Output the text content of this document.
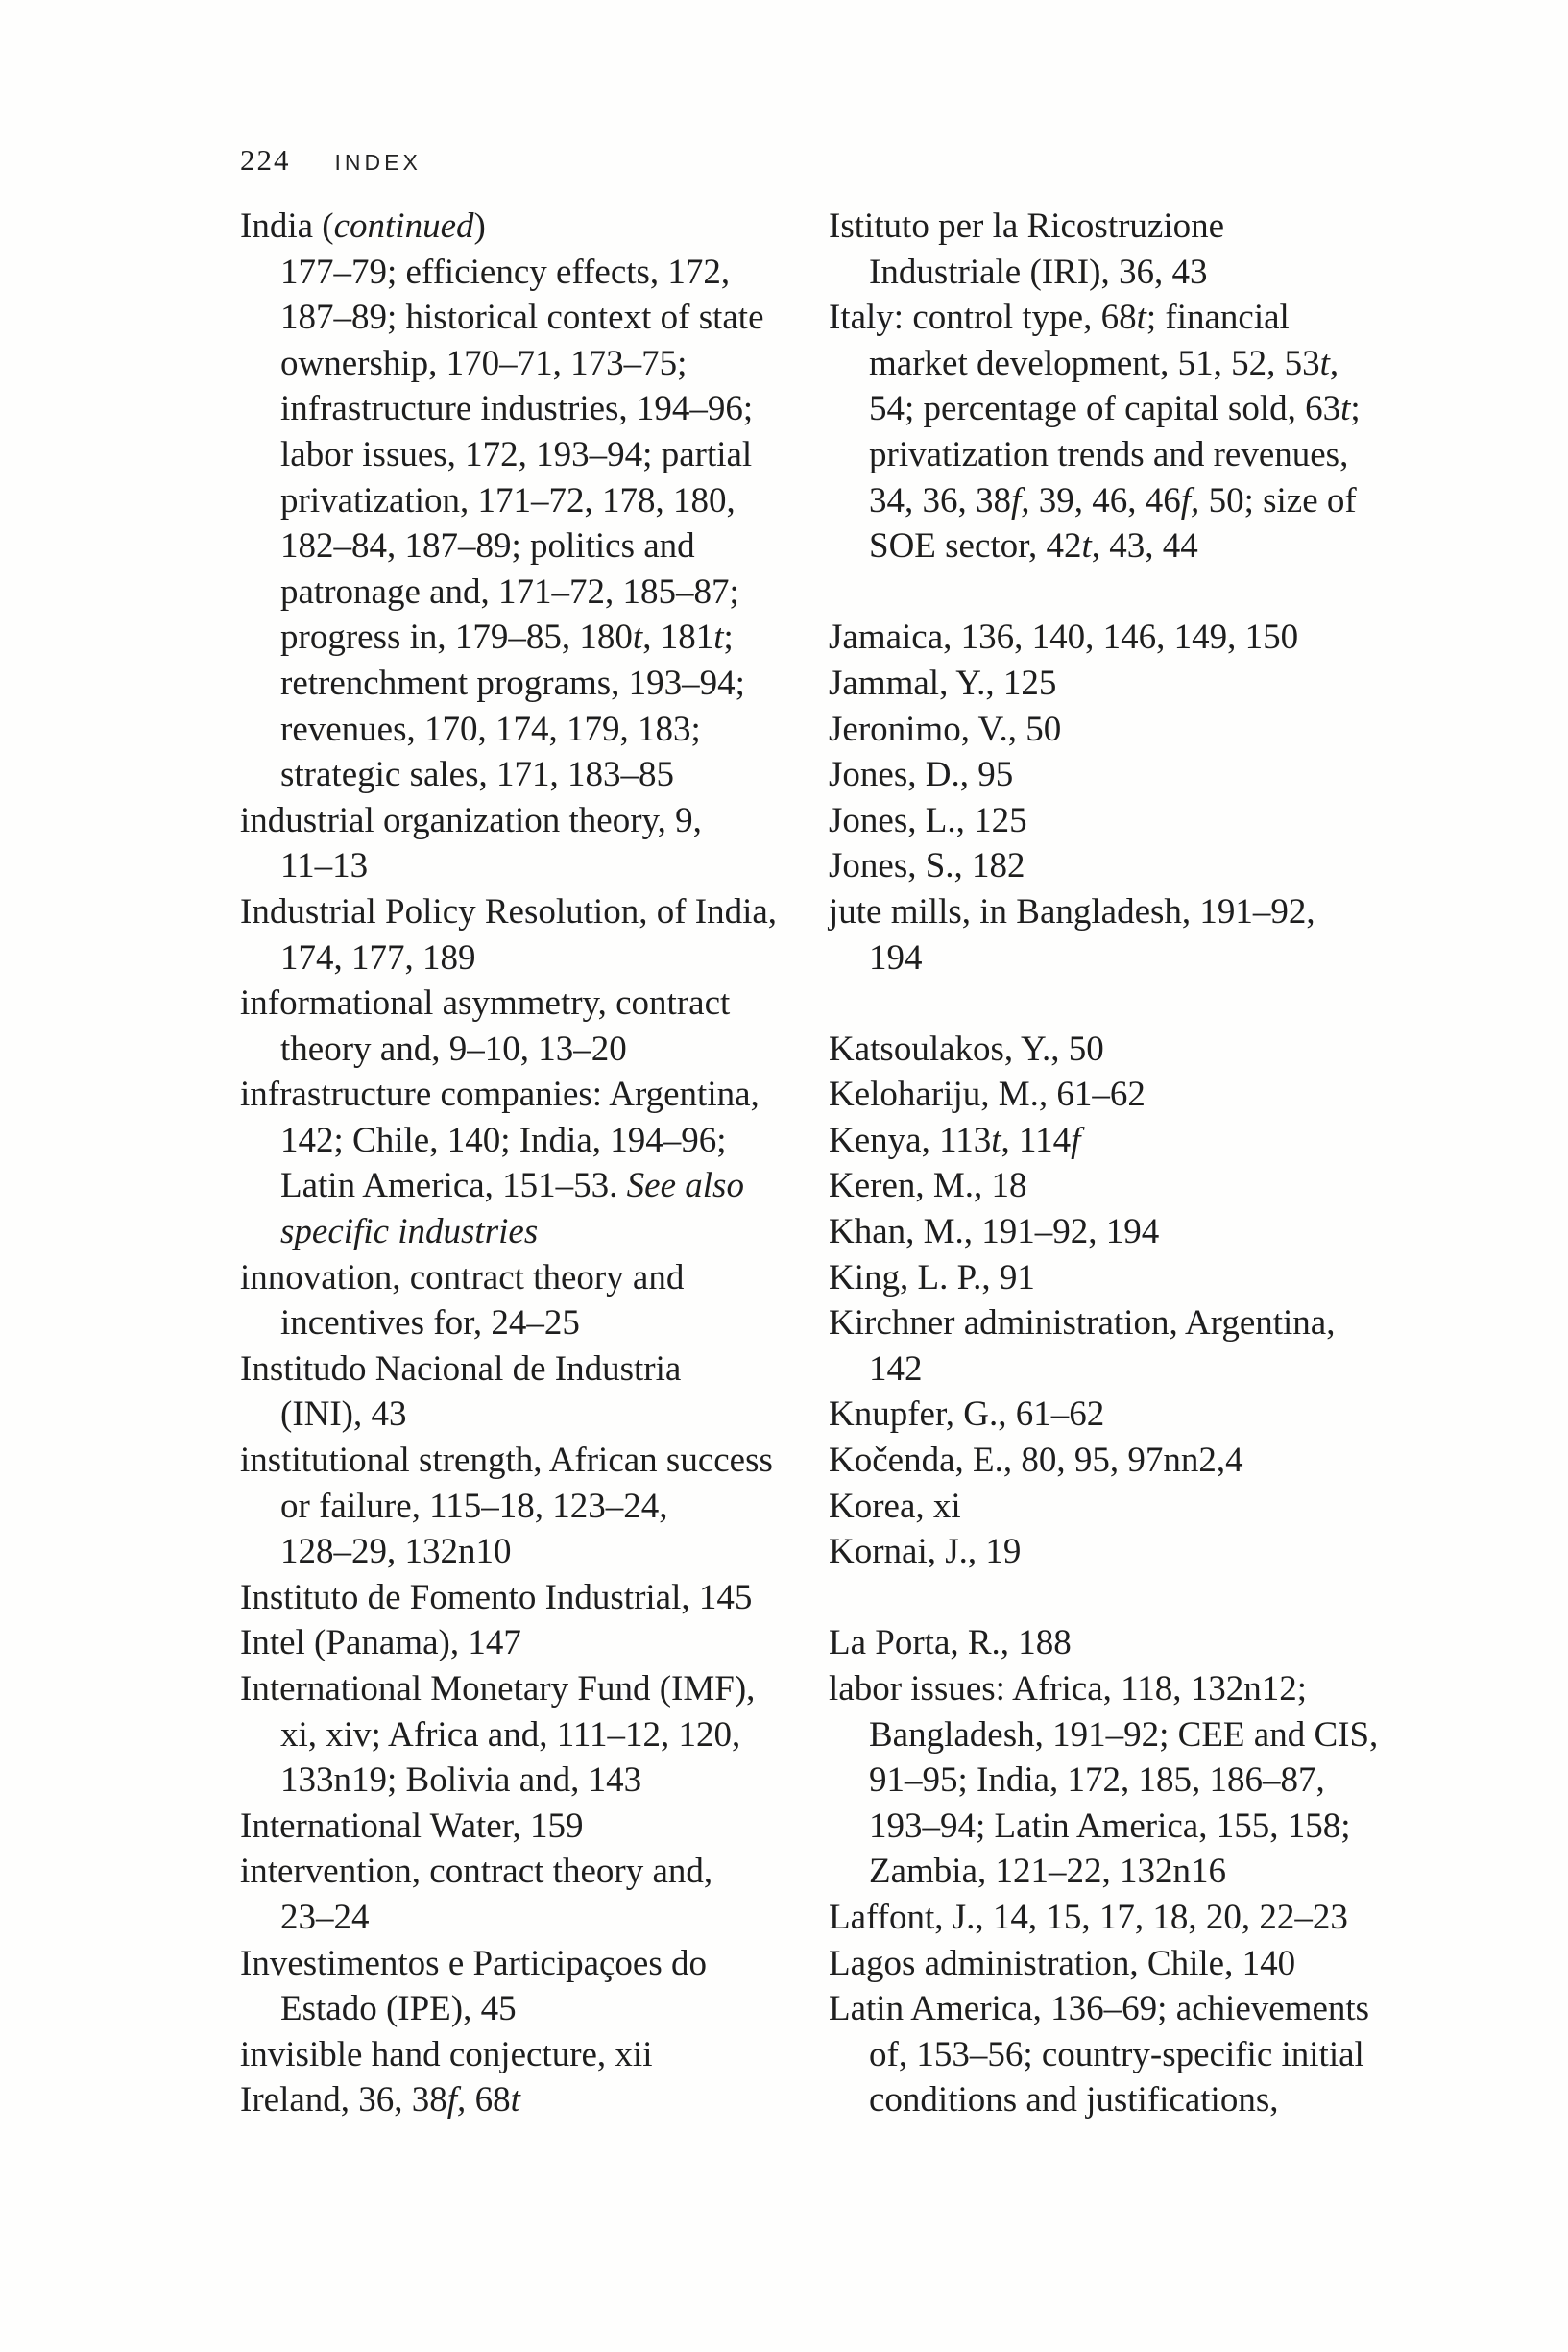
224 INDEX
India (continued)
177–79; efficiency effects, 172,
187–89; historical context of state
ownership, 170–71, 173–75;
infrastructure industries, 194–96;
labor issues, 172, 193–94; partial
privatization, 171–72, 178, 180,
182–84, 187–89; politics and
patronage and, 171–72, 185–87;
progress in, 179–85, 180t, 181t;
retrenchment programs, 193–94;
revenues, 170, 174, 179, 183;
strategic sales, 171, 183–85
industrial organization theory, 9,
11–13
Industrial Policy Resolution, of India,
174, 177, 189
informational asymmetry, contract
theory and, 9–10, 13–20
infrastructure companies: Argentina,
142; Chile, 140; India, 194–96;
Latin America, 151–53. See also
specific industries
innovation, contract theory and
incentives for, 24–25
Institudo Nacional de Industria
(INI), 43
institutional strength, African success
or failure, 115–18, 123–24,
128–29, 132n10
Instituto de Fomento Industrial, 145
Intel (Panama), 147
International Monetary Fund (IMF),
xi, xiv; Africa and, 111–12, 120,
133n19; Bolivia and, 143
International Water, 159
intervention, contract theory and,
23–24
Investimentos e Participaçoes do
Estado (IPE), 45
invisible hand conjecture, xii
Ireland, 36, 38f, 68t
Istituto per la Ricostruzione
Industriale (IRI), 36, 43
Italy: control type, 68t; financial
market development, 51, 52, 53t,
54; percentage of capital sold, 63t;
privatization trends and revenues,
34, 36, 38f, 39, 46, 46f, 50; size of
SOE sector, 42t, 43, 44
Jamaica, 136, 140, 146, 149, 150
Jammal, Y., 125
Jeronimo, V., 50
Jones, D., 95
Jones, L., 125
Jones, S., 182
jute mills, in Bangladesh, 191–92,
194
Katsoulakos, Y., 50
Kelohariju, M., 61–62
Kenya, 113t, 114f
Keren, M., 18
Khan, M., 191–92, 194
King, L. P., 91
Kirchner administration, Argentina,
142
Knupfer, G., 61–62
Kočenda, E., 80, 95, 97nn2,4
Korea, xi
Kornai, J., 19
La Porta, R., 188
labor issues: Africa, 118, 132n12;
Bangladesh, 191–92; CEE and CIS,
91–95; India, 172, 185, 186–87,
193–94; Latin America, 155, 158;
Zambia, 121–22, 132n16
Laffont, J., 14, 15, 17, 18, 20, 22–23
Lagos administration, Chile, 140
Latin America, 136–69; achievements
of, 153–56; country-specific initial
conditions and justifications,
